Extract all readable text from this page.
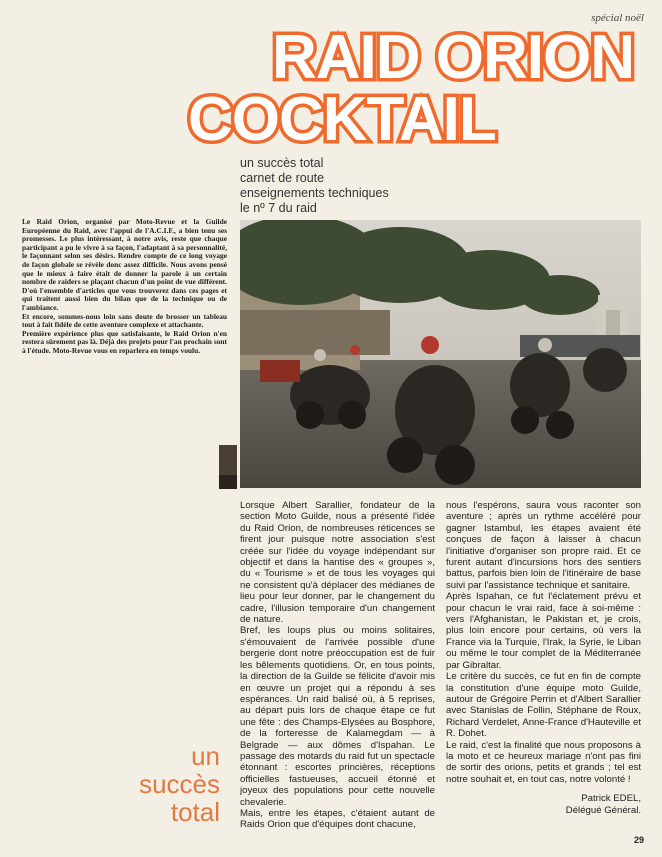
spécial noël
RAID ORION
COCKTAIL
un succès total
carnet de route
enseignements techniques
le nº 7 du raid

Le Raid Orion, organisé par Moto-Revue et la Guilde Européenne du Raid, avec l'appui de l'A.C.I.F., a bien tenu ses promesses. Le plus intéressant, à notre avis, reste que chaque participant a pu le vivre à sa façon, l'adaptant à sa personnalité, le façonnant selon ses désirs. Rendre compte de ce long voyage de façon globale se révèle donc assez difficile. Nous avons pensé que le mieux à faire était de donner la parole à un certain nombre de raiders se plaçant chacun d'un point de vue différent. D'où l'ensemble d'articles que vous trouverez dans ces pages et qui traitent aussi bien du bilan que de la technique ou de l'ambiance.

Et encore, sommes-nous loin sans doute de brosser un tableau tout à fait fidèle de cette aventure complexe et attachante.

Première expérience plus que satisfaisante, le Raid Orion n'en restera sûrement pas là. Déjà des projets pour l'an prochain sont à l'étude. Moto-Revue vous en reparlera en temps voulu.

un
succès
total

Lorsque Albert Sarallier, fondateur de la section Moto Guilde, nous a présenté l'idée du Raid Orion, de nombreuses réticences se firent jour puisque notre association s'est créée sur l'idée du voyage indépendant sur objectif et dans la hantise des « groupes », du « Tourisme » et de tous les voyages qui ne consistent qu'à déplacer des médianes de lieu pour leur donner, par le changement du cadre, l'illusion temporaire d'un changement de nature.

Bref, les loups plus ou moins solitaires, s'émouvaient de l'arrivée possible d'une bergerie dont notre préoccupation est de fuir les bêlements quotidiens. Or, en tous points, la direction de la Guilde se félicite d'avoir mis en œuvre un projet qui a répondu à ses espérances. Un raid balisé où, à 5 reprises, au départ puis lors de chaque étape ce fut une fête : des Champs-Elysées au Bosphore, de la forteresse de Kalamegdam — à Belgrade — aux dômes d'Ispahan. Le passage des motards du raid fut un spectacle étonnant : escortes princières, réceptions officielles fastueuses, accueil étonné et joyeux des populations pour cette nouvelle chevalerie.

Mais, entre les étapes, c'étaient autant de Raids Orion que d'équipes dont chacune,

nous l'espérons, saura vous raconter son aventure ; après un rythme accéléré pour gagner Istambul, les étapes avaient été conçues de façon à laisser à chacun l'initiative d'organiser son propre raid. Et ce furent autant d'incursions hors des sentiers battus, parfois bien loin de l'itinéraire de base suivi par l'assistance technique et sanitaire.

Après Ispahan, ce fut l'éclatement prévu et pour chacun le vrai raid, face à soi-même : vers l'Afghanistan, le Pakistan et, je crois, plus loin encore pour certains, où vers la France via la Turquie, l'Irak, la Syrie, le Liban ou même le tour complet de la Méditerranée par Gibraltar.

Le critère du succès, ce fut en fin de compte la constitution d'une équipe moto Guilde, autour de Grégoire Perrin et d'Albert Sarallier avec Stanislas de Follin, Stéphane de Roux, Richard Verdelet, Anne-France d'Hauteville et R. Dohet.

Le raid, c'est la finalité que nous proposons à la moto et ce heureux mariage n'ont pas fini de sortir des orions, petits et grands ; tel est notre souhait et, en tout cas, notre volonté !

Patrick EDEL,
Délégué Général.
29
